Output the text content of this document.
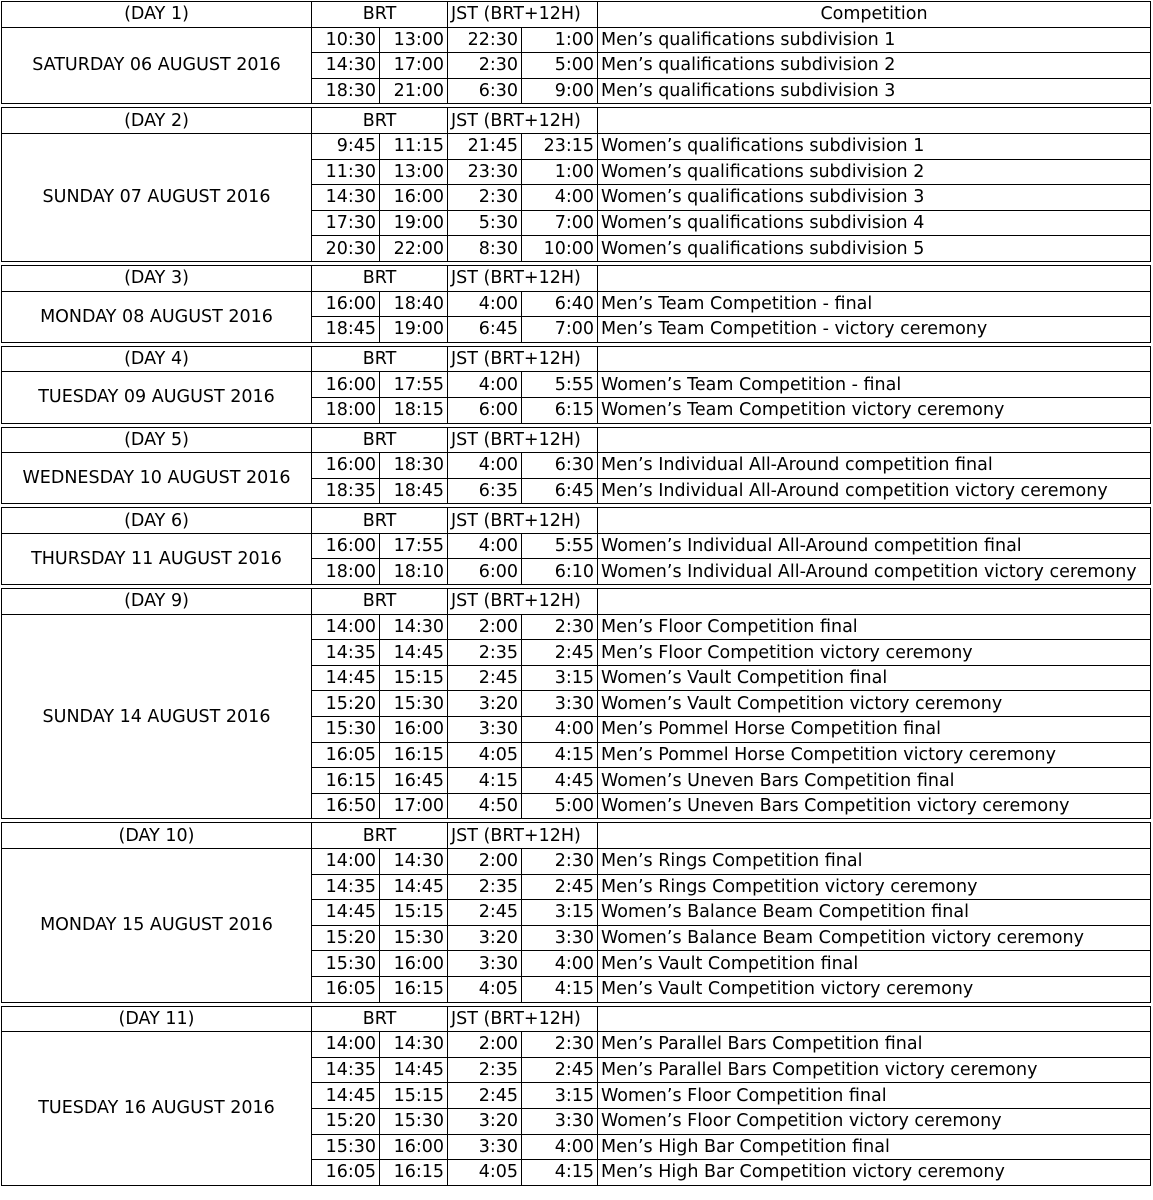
(DAY 1)	BRT		JST (BRT+12H)		Competition
SATURDAY 06 AUGUST 2016	10:30	13:00	22:30	1:00	Men’s qualifications subdivision 1
	14:30	17:00	2:30	5:00	Men’s qualifications subdivision 2
	18:30	21:00	6:30	9:00	Men’s qualifications subdivision 3

(DAY 2)	BRT		JST (BRT+12H)		
SUNDAY 07 AUGUST 2016	9:45	11:15	21:45	23:15	Women’s qualifications subdivision 1
	11:30	13:00	23:30	1:00	Women’s qualifications subdivision 2
	14:30	16:00	2:30	4:00	Women’s qualifications subdivision 3
	17:30	19:00	5:30	7:00	Women’s qualifications subdivision 4
	20:30	22:00	8:30	10:00	Women’s qualifications subdivision 5

(DAY 3)	BRT		JST (BRT+12H)		
MONDAY 08 AUGUST 2016	16:00	18:40	4:00	6:40	Men’s Team Competition - final
	18:45	19:00	6:45	7:00	Men’s Team Competition - victory ceremony

(DAY 4)	BRT		JST (BRT+12H)		
TUESDAY 09 AUGUST 2016	16:00	17:55	4:00	5:55	Women’s Team Competition - final
	18:00	18:15	6:00	6:15	Women’s Team Competition victory ceremony

(DAY 5)	BRT		JST (BRT+12H)		
WEDNESDAY 10 AUGUST 2016	16:00	18:30	4:00	6:30	Men’s Individual All-Around competition final
	18:35	18:45	6:35	6:45	Men’s Individual All-Around competition victory ceremony

(DAY 6)	BRT		JST (BRT+12H)		
THURSDAY 11 AUGUST 2016	16:00	17:55	4:00	5:55	Women’s Individual All-Around competition final
	18:00	18:10	6:00	6:10	Women’s Individual All-Around competition victory ceremony

(DAY 9)	BRT		JST (BRT+12H)		
SUNDAY 14 AUGUST 2016	14:00	14:30	2:00	2:30	Men’s Floor Competition final
	14:35	14:45	2:35	2:45	Men’s Floor Competition victory ceremony
	14:45	15:15	2:45	3:15	Women’s Vault Competition final
	15:20	15:30	3:20	3:30	Women’s Vault Competition victory ceremony
	15:30	16:00	3:30	4:00	Men’s Pommel Horse Competition final
	16:05	16:15	4:05	4:15	Men’s Pommel Horse Competition victory ceremony
	16:15	16:45	4:15	4:45	Women’s Uneven Bars Competition final
	16:50	17:00	4:50	5:00	Women’s Uneven Bars Competition victory ceremony

(DAY 10)	BRT		JST (BRT+12H)		
MONDAY 15 AUGUST 2016	14:00	14:30	2:00	2:30	Men’s Rings Competition final
	14:35	14:45	2:35	2:45	Men’s Rings Competition victory ceremony
	14:45	15:15	2:45	3:15	Women’s Balance Beam Competition final
	15:20	15:30	3:20	3:30	Women’s Balance Beam Competition victory ceremony
	15:30	16:00	3:30	4:00	Men’s Vault Competition final
	16:05	16:15	4:05	4:15	Men’s Vault Competition victory ceremony

(DAY 11)	BRT		JST (BRT+12H)		
TUESDAY 16 AUGUST 2016	14:00	14:30	2:00	2:30	Men’s Parallel Bars Competition final
	14:35	14:45	2:35	2:45	Men’s Parallel Bars Competition victory ceremony
	14:45	15:15	2:45	3:15	Women’s Floor Competition final
	15:20	15:30	3:20	3:30	Women’s Floor Competition victory ceremony
	15:30	16:00	3:30	4:00	Men’s High Bar Competition final
	16:05	16:15	4:05	4:15	Men’s High Bar Competition victory ceremony
